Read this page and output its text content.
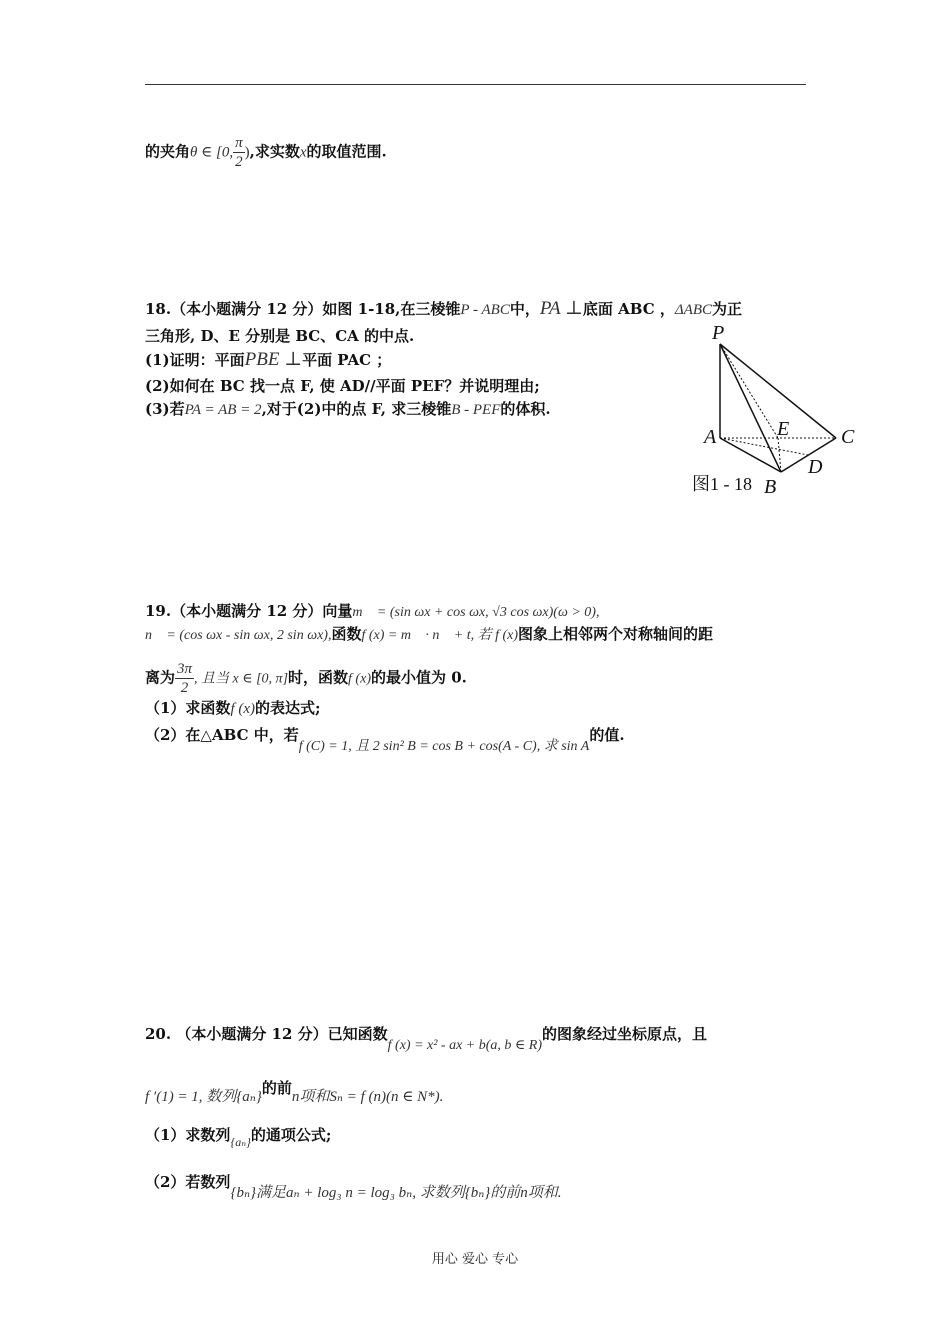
的夹角θ ∈ [0, $\frac{\pi}{2}$ ),求实数x的取值范围.
18.（本小题满分 12 分）如图 1-18,在三棱锥P - ABC中，PA ⊥底面 ABC ，ΔABC为正
三角形, D、E 分别是 BC、CA 的中点.
(1)证明：平面PBE ⊥平面 PAC ；
(2)如何在 BC 找一点 F, 使 AD//平面 PEF？并说明理由;
(3)若PA = AB = 2,对于(2)中的点 F, 求三棱锥B - PEF的体积.
P
A	E	C
D
B
图1 - 18
19.（本小题满分 12 分）向量m⃗ = (sin ωx + cos ωx, √3 cos ωx)(ω > 0),
n⃗ = (cos ωx - sin ωx, 2 sin ωx),函数f (x) = m⃗ · n⃗ + t, 若 f (x)图象上相邻两个对称轴间的距
离为 $\frac{3\pi}{2}$ , 且当 x ∈ [0, π]时，函数f (x)的最小值为 0.
（1）求函数f (x)的表达式;
（2）在△ABC 中，若f (C) = 1, 且 2 sin² B = cos B + cos(A - C), 求 sin A的值.
20. （本小题满分 12 分）已知函数f (x) = x² - ax + b(a, b ∈ R)的图象经过坐标原点，且
f ′(1) = 1, 数列{aₙ}的前n项和Sₙ = f (n)(n ∈ N*).
（1）求数列$_{\{a_n\}}$的通项公式;
（2）若数列{bₙ}满足aₙ + log₃ n = log₃ bₙ, 求数列{bₙ}的前n项和.
用心 爱心 专心
